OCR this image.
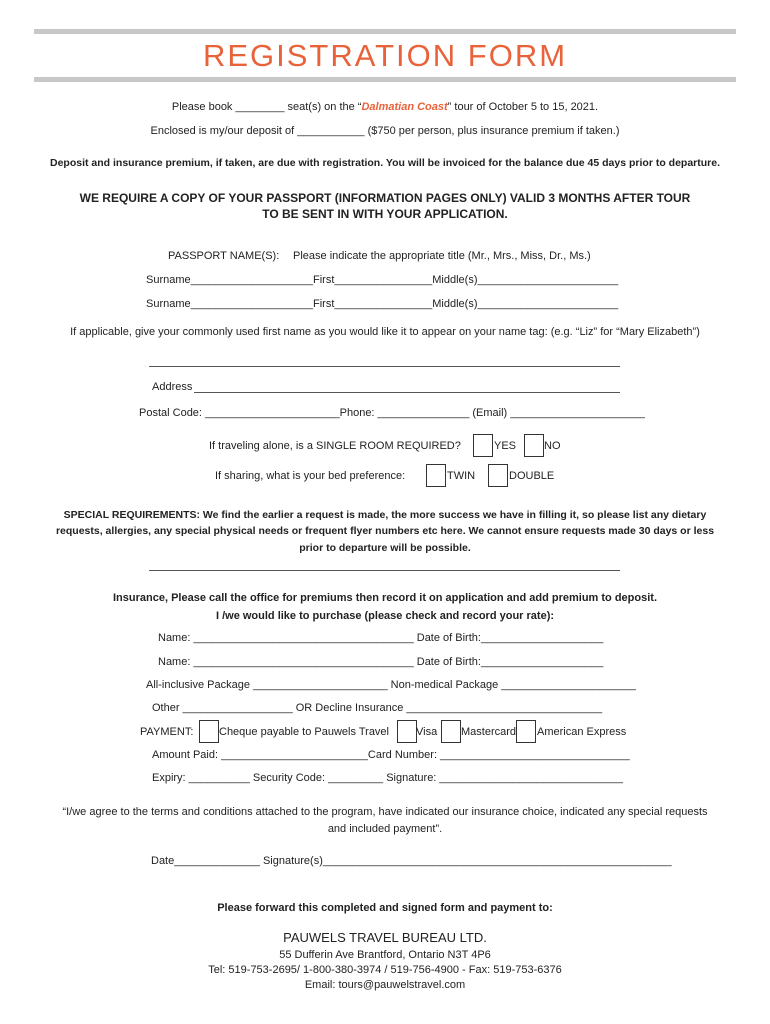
REGISTRATION FORM
Please book ________ seat(s) on the “Dalmatian Coast” tour of October 5 to 15, 2021.
Enclosed is my/our deposit of ___________ ($750 per person, plus insurance premium if taken.)
Deposit and insurance premium, if taken, are due with registration. You will be invoiced for the balance due 45 days prior to departure.
WE REQUIRE A COPY OF YOUR PASSPORT (INFORMATION PAGES ONLY) VALID 3 MONTHS AFTER TOUR
TO BE SENT IN WITH YOUR APPLICATION.
PASSPORT NAME(S): Please indicate the appropriate title (Mr., Mrs., Miss, Dr., Ms.)
Surname____________________First________________Middle(s)_______________________
Surname____________________First________________Middle(s)_______________________
If applicable, give your commonly used first name as you would like it to appear on your name tag: (e.g. “Liz” for “Mary Elizabeth”)
Address
Postal Code: ______________________Phone: _______________ (Email) ______________________
If traveling alone, is a SINGLE ROOM REQUIRED?	YES	NO
If sharing, what is your bed preference:	TWIN	DOUBLE
SPECIAL REQUIREMENTS: We find the earlier a request is made, the more success we have in filling it, so please list any dietary
requests, allergies, any special physical needs or frequent flyer numbers etc here. We cannot ensure requests made 30 days or less
prior to departure will be possible.
Insurance, Please call the office for premiums then record it on application and add premium to deposit.
I /we would like to purchase (please check and record your rate):
Name: ____________________________________ Date of Birth:____________________
Name: ____________________________________ Date of Birth:____________________
All-inclusive Package ______________________ Non-medical Package ______________________
Other __________________ OR Decline Insurance ________________________________
PAYMENT: Cheque payable to Pauwels Travel Visa Mastercard American Express
Amount Paid: ________________________Card Number: _______________________________
Expiry: __________ Security Code: _________ Signature: ______________________________
“I/we agree to the terms and conditions attached to the program, have indicated our insurance choice, indicated any special requests
and included payment”.
Date______________ Signature(s)_________________________________________________________
Please forward this completed and signed form and payment to:
PAUWELS TRAVEL BUREAU LTD.
55 Dufferin Ave Brantford, Ontario N3T 4P6
Tel: 519-753-2695/ 1-800-380-3974 / 519-756-4900 - Fax: 519-753-6376
Email: tours@pauwelstravel.com
